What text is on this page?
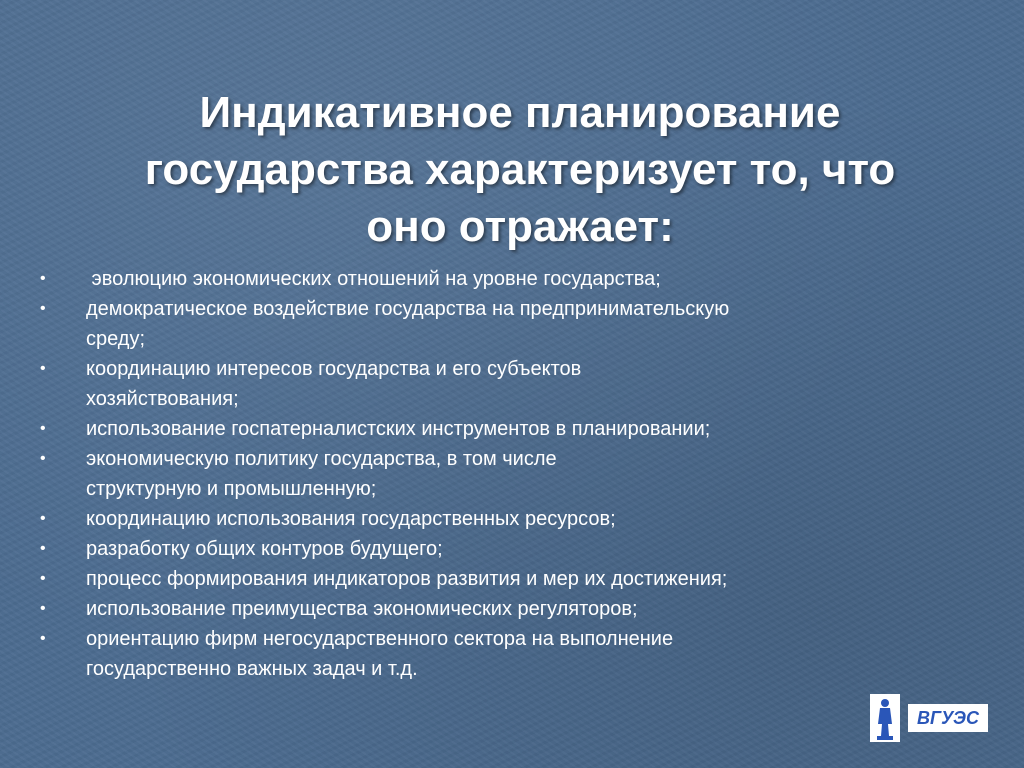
Индикативное планирование
государства характеризует то, что
оно отражает:
• эволюцию экономических отношений на уровне государства;
• демократическое воздействие государства на предпринимательскую
среду;
• координацию интересов государства и его субъектов
хозяйствования;
• использование госпатерналистских инструментов в планировании;
• экономическую политику государства, в том числе
структурную и промышленную;
• координацию использования государственных ресурсов;
• разработку общих контуров будущего;
• процесс формирования индикаторов развития и мер их достижения;
• использование преимущества экономических регуляторов;
• ориентацию фирм негосударственного сектора на выполнение
государственно важных задач и т.д.
ВГУЭС
